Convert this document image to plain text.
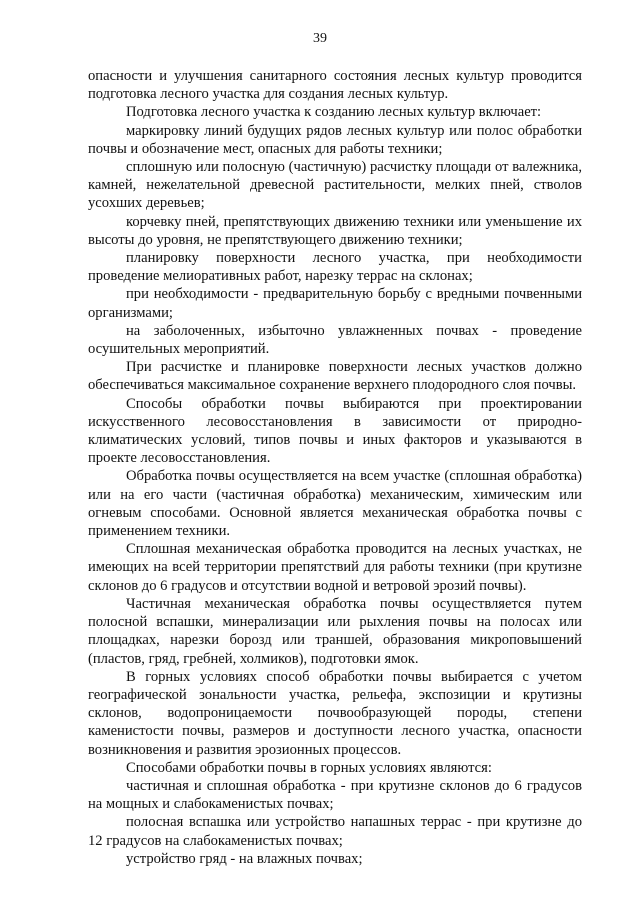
39

опасности и улучшения санитарного состояния лесных культур проводится подготовка лесного участка для создания лесных культур.

Подготовка лесного участка к созданию лесных культур включает:

маркировку линий будущих рядов лесных культур или полос обработки почвы и обозначение мест, опасных для работы техники;

сплошную или полосную (частичную) расчистку площади от валежника, камней, нежелательной древесной растительности, мелких пней, стволов усохших деревьев;

корчевку пней, препятствующих движению техники или уменьшение их высоты до уровня, не препятствующего движению техники;

планировку поверхности лесного участка, при необходимости проведение мелиоративных работ, нарезку террас на склонах;

при необходимости - предварительную борьбу с вредными почвенными организмами;

на заболоченных, избыточно увлажненных почвах - проведение осушительных мероприятий.

При расчистке и планировке поверхности лесных участков должно обеспечиваться максимальное сохранение верхнего плодородного слоя почвы.

Способы обработки почвы выбираются при проектировании искусственного лесовосстановления в зависимости от природно-климатических условий, типов почвы и иных факторов и указываются в проекте лесовосстановления.

Обработка почвы осуществляется на всем участке (сплошная обработка) или на его части (частичная обработка) механическим, химическим или огневым способами. Основной является механическая обработка почвы с применением техники.

Сплошная механическая обработка проводится на лесных участках, не имеющих на всей территории препятствий для работы техники (при крутизне склонов до 6 градусов и отсутствии водной и ветровой эрозий почвы).

Частичная механическая обработка почвы осуществляется путем полосной вспашки, минерализации или рыхления почвы на полосах или площадках, нарезки борозд или траншей, образования микроповышений (пластов, гряд, гребней, холмиков), подготовки ямок.

В горных условиях способ обработки почвы выбирается с учетом географической зональности участка, рельефа, экспозиции и крутизны склонов, водопроницаемости почвообразующей породы, степени каменистости почвы, размеров и доступности лесного участка, опасности возникновения и развития эрозионных процессов.

Способами обработки почвы в горных условиях являются:

частичная и сплошная обработка - при крутизне склонов до 6 градусов на мощных и слабокаменистых почвах;

полосная вспашка или устройство напашных террас - при крутизне до 12 градусов на слабокаменистых почвах;

устройство гряд - на влажных почвах;
